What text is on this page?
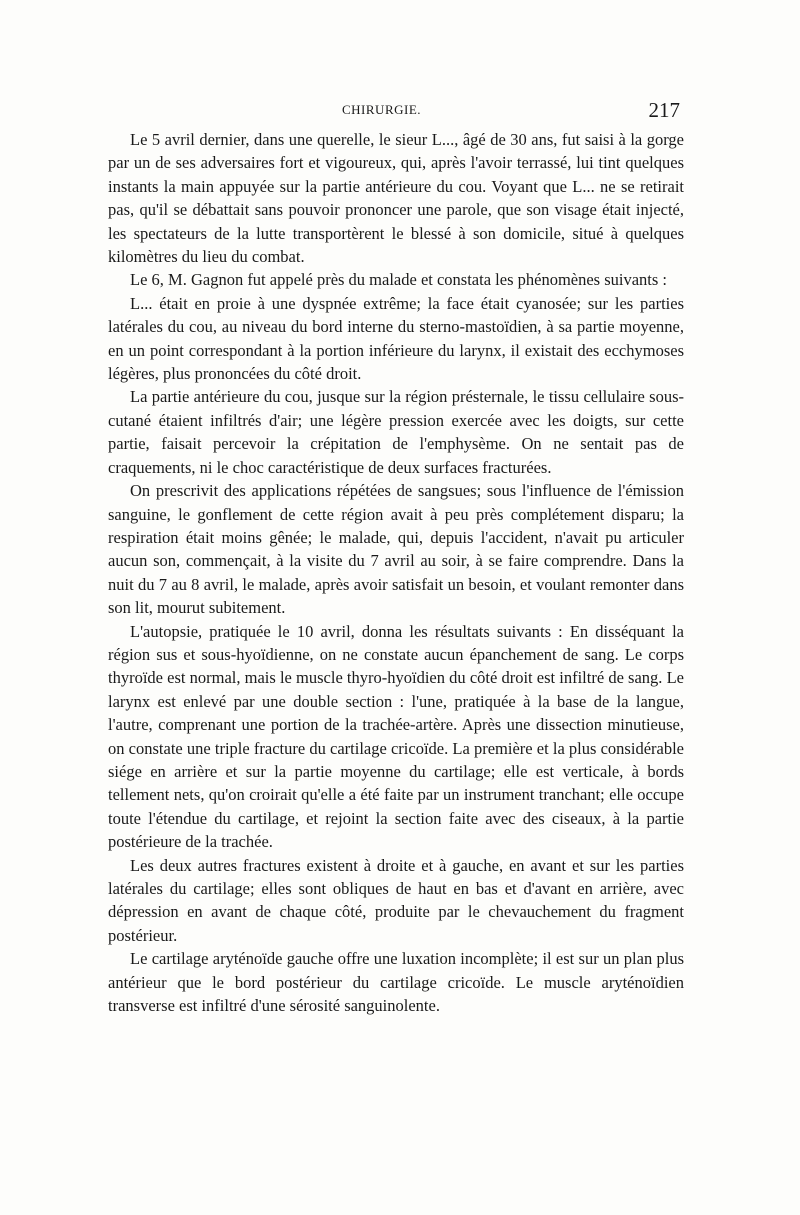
CHIRURGIE.	217

Le 5 avril dernier, dans une querelle, le sieur L..., âgé de 30 ans, fut saisi à la gorge par un de ses adversaires fort et vigoureux, qui, après l'avoir terrassé, lui tint quelques instants la main appuyée sur la partie antérieure du cou. Voyant que L... ne se retirait pas, qu'il se débattait sans pouvoir prononcer une parole, que son visage était injecté, les spectateurs de la lutte transportèrent le blessé à son domicile, situé à quelques kilomètres du lieu du combat.

Le 6, M. Gagnon fut appelé près du malade et constata les phénomènes suivants :

L... était en proie à une dyspnée extrême; la face était cyanosée; sur les parties latérales du cou, au niveau du bord interne du sterno-mastoïdien, à sa partie moyenne, en un point correspondant à la portion inférieure du larynx, il existait des ecchymoses légères, plus prononcées du côté droit.

La partie antérieure du cou, jusque sur la région présternale, le tissu cellulaire sous-cutané étaient infiltrés d'air; une légère pression exercée avec les doigts, sur cette partie, faisait percevoir la crépitation de l'emphysème. On ne sentait pas de craquements, ni le choc caractéristique de deux surfaces fracturées.

On prescrivit des applications répétées de sangsues; sous l'influence de l'émission sanguine, le gonflement de cette région avait à peu près complétement disparu; la respiration était moins gênée; le malade, qui, depuis l'accident, n'avait pu articuler aucun son, commençait, à la visite du 7 avril au soir, à se faire comprendre. Dans la nuit du 7 au 8 avril, le malade, après avoir satisfait un besoin, et voulant remonter dans son lit, mourut subitement.

L'autopsie, pratiquée le 10 avril, donna les résultats suivants : En disséquant la région sus et sous-hyoïdienne, on ne constate aucun épanchement de sang. Le corps thyroïde est normal, mais le muscle thyro-hyoïdien du côté droit est infiltré de sang. Le larynx est enlevé par une double section : l'une, pratiquée à la base de la langue, l'autre, comprenant une portion de la trachée-artère. Après une dissection minutieuse, on constate une triple fracture du cartilage cricoïde. La première et la plus considérable siége en arrière et sur la partie moyenne du cartilage; elle est verticale, à bords tellement nets, qu'on croirait qu'elle a été faite par un instrument tranchant; elle occupe toute l'étendue du cartilage, et rejoint la section faite avec des ciseaux, à la partie postérieure de la trachée.

Les deux autres fractures existent à droite et à gauche, en avant et sur les parties latérales du cartilage; elles sont obliques de haut en bas et d'avant en arrière, avec dépression en avant de chaque côté, produite par le chevauchement du fragment postérieur.

Le cartilage aryténoïde gauche offre une luxation incomplète; il est sur un plan plus antérieur que le bord postérieur du cartilage cricoïde. Le muscle aryténoïdien transverse est infiltré d'une sérosité sanguinolente.
